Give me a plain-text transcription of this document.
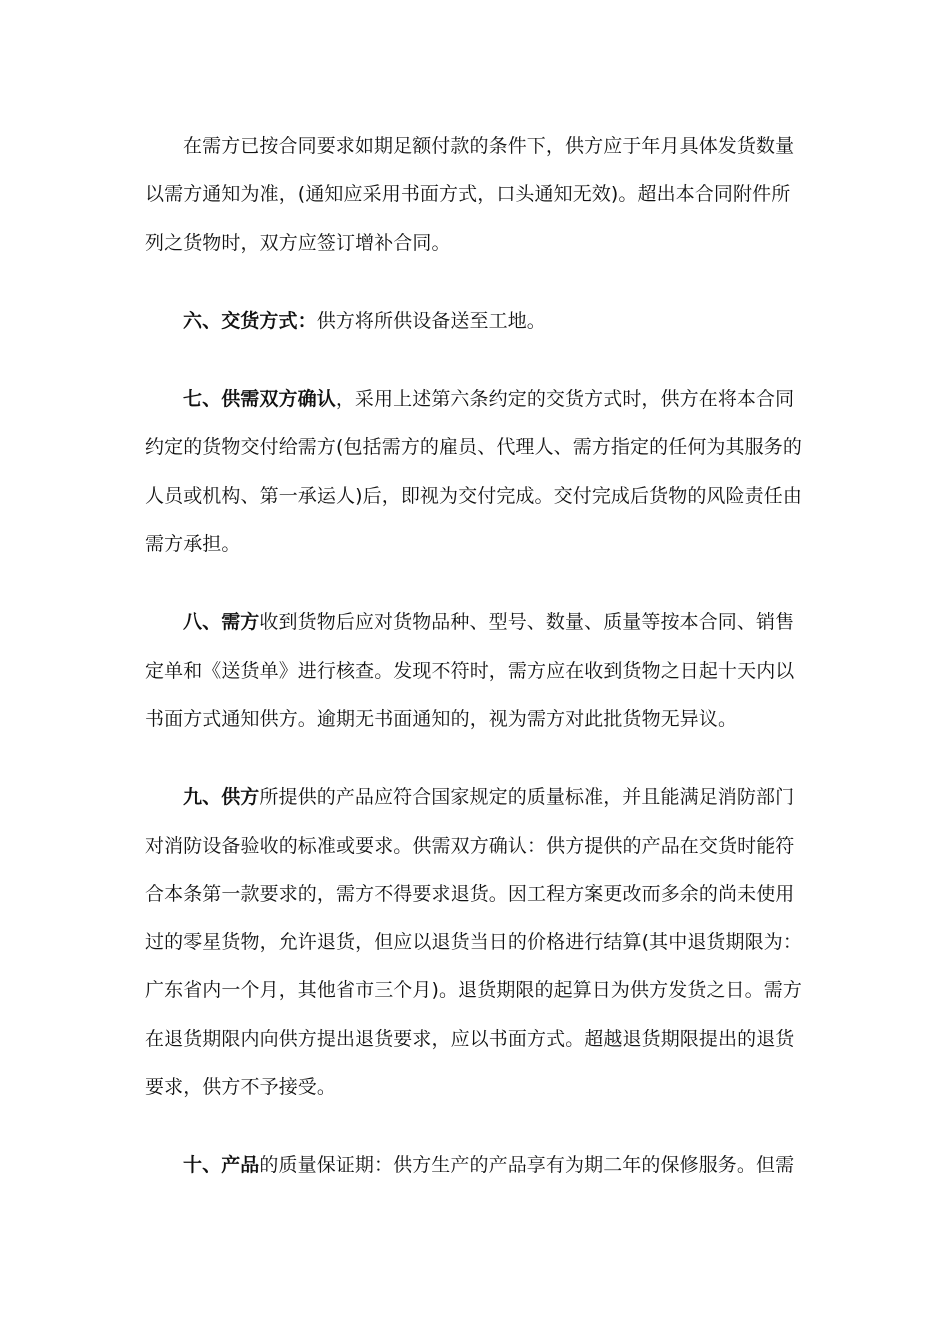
在需方已按合同要求如期足额付款的条件下，供方应于年月具体发货数量
以需方通知为准，(通知应采用书面方式，口头通知无效)。超出本合同附件所
列之货物时，双方应签订增补合同。
六、交货方式：供方将所供设备送至工地。
七、供需双方确认，采用上述第六条约定的交货方式时，供方在将本合同
约定的货物交付给需方(包括需方的雇员、代理人、需方指定的任何为其服务的
人员或机构、第一承运人)后，即视为交付完成。交付完成后货物的风险责任由
需方承担。
八、需方收到货物后应对货物品种、型号、数量、质量等按本合同、销售
定单和《送货单》进行核查。发现不符时，需方应在收到货物之日起十天内以
书面方式通知供方。逾期无书面通知的，视为需方对此批货物无异议。
九、供方所提供的产品应符合国家规定的质量标准，并且能满足消防部门
对消防设备验收的标准或要求。供需双方确认：供方提供的产品在交货时能符
合本条第一款要求的，需方不得要求退货。因工程方案更改而多余的尚未使用
过的零星货物，允许退货，但应以退货当日的价格进行结算(其中退货期限为：
广东省内一个月，其他省市三个月)。退货期限的起算日为供方发货之日。需方
在退货期限内向供方提出退货要求，应以书面方式。超越退货期限提出的退货
要求，供方不予接受。
十、产品的质量保证期：供方生产的产品享有为期二年的保修服务。但需
